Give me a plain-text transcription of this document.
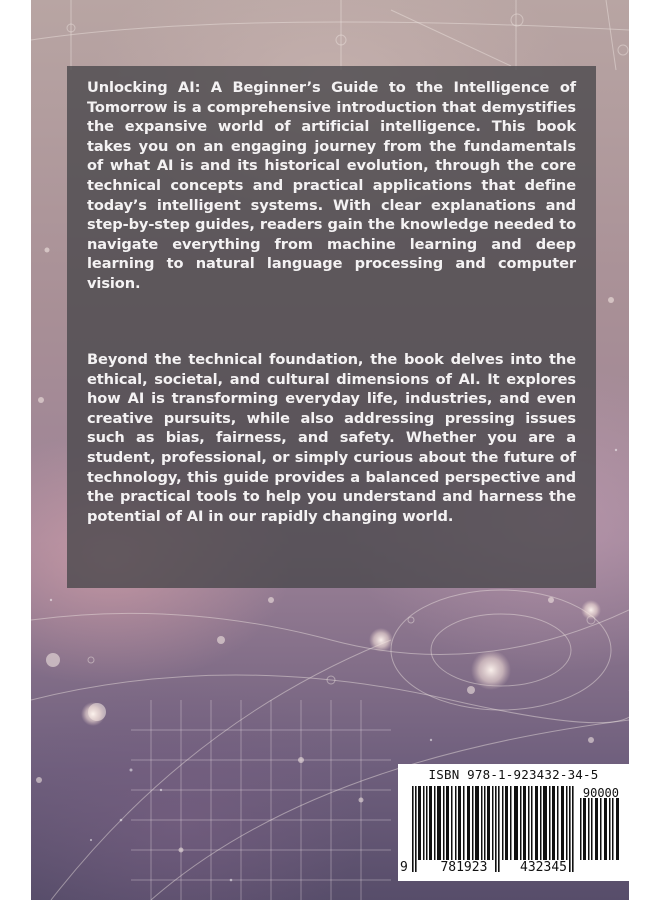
Unlocking AI: A Beginner’s Guide to the Intelligence of Tomorrow is a comprehensive introduction that demystifies the expansive world of artificial intelligence. This book takes you on an engaging journey from the fundamentals of what AI is and its historical evolution, through the core technical concepts and practical applications that define today’s intelligent systems. With clear explanations and step-by-step guides, readers gain the knowledge needed to navigate everything from machine learning and deep learning to natural language processing and computer vision.

Beyond the technical foundation, the book delves into the ethical, societal, and cultural dimensions of AI. It explores how AI is transforming everyday life, industries, and even creative pursuits, while also addressing pressing issues such as bias, fairness, and safety. Whether you are a student, professional, or simply curious about the future of technology, this guide provides a balanced perspective and the practical tools to help you understand and harness the potential of AI in our rapidly changing world.

ISBN 978-1-923432-34-5
90000
9	781923	432345
